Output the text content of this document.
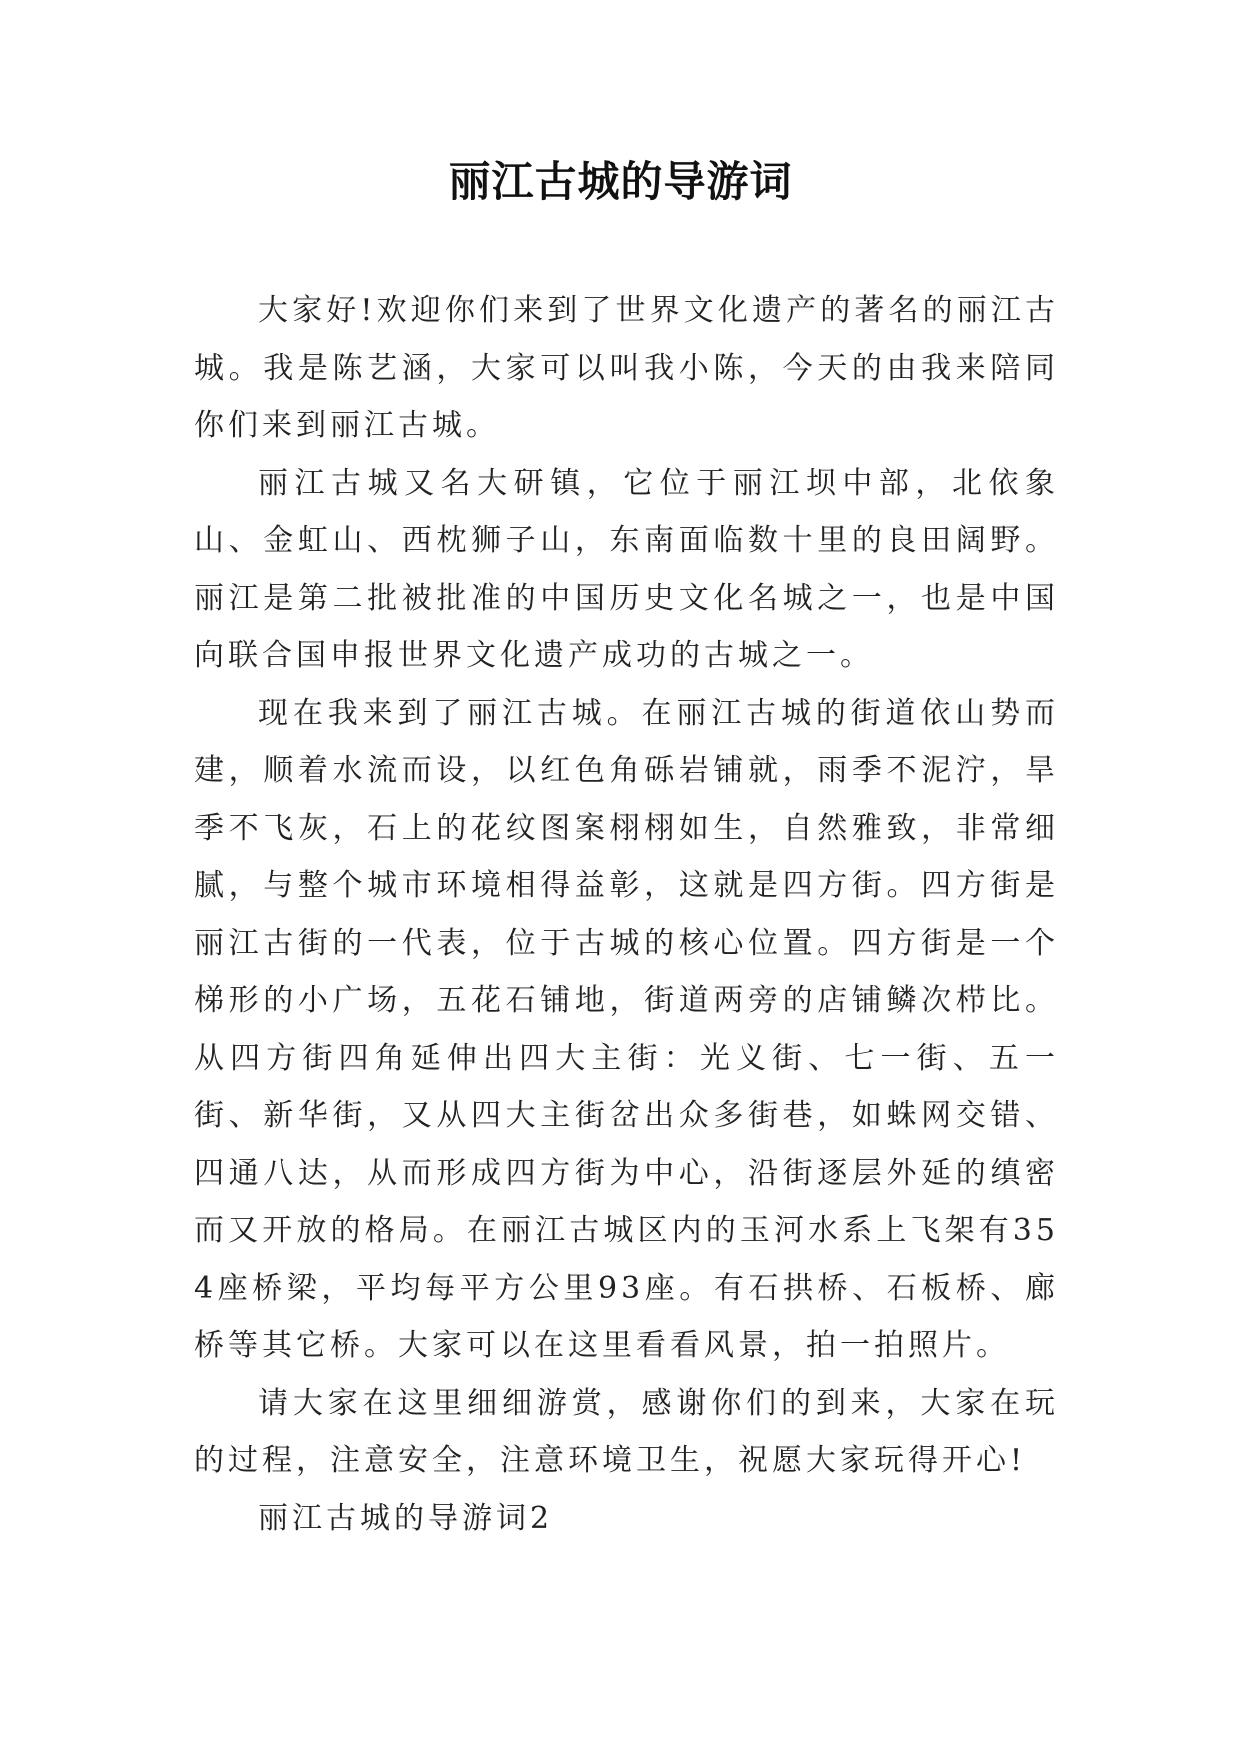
丽江古城的导游词

大家好!欢迎你们来到了世界文化遗产的著名的丽江古城。我是陈艺涵，大家可以叫我小陈，今天的由我来陪同你们来到丽江古城。

丽江古城又名大研镇，它位于丽江坝中部，北依象山、金虹山、西枕狮子山，东南面临数十里的良田阔野。丽江是第二批被批准的中国历史文化名城之一，也是中国向联合国申报世界文化遗产成功的古城之一。

现在我来到了丽江古城。在丽江古城的街道依山势而建，顺着水流而设，以红色角砾岩铺就，雨季不泥泞，旱季不飞灰，石上的花纹图案栩栩如生，自然雅致，非常细腻，与整个城市环境相得益彰，这就是四方街。四方街是丽江古街的一代表，位于古城的核心位置。四方街是一个梯形的小广场，五花石铺地，街道两旁的店铺鳞次栉比。从四方街四角延伸出四大主街：光义街、七一街、五一街、新华街，又从四大主街岔出众多街巷，如蛛网交错、四通八达，从而形成四方街为中心，沿街逐层外延的缜密而又开放的格局。在丽江古城区内的玉河水系上飞架有354座桥梁，平均每平方公里93座。有石拱桥、石板桥、廊桥等其它桥。大家可以在这里看看风景，拍一拍照片。

请大家在这里细细游赏，感谢你们的到来，大家在玩的过程，注意安全，注意环境卫生，祝愿大家玩得开心!

丽江古城的导游词2
